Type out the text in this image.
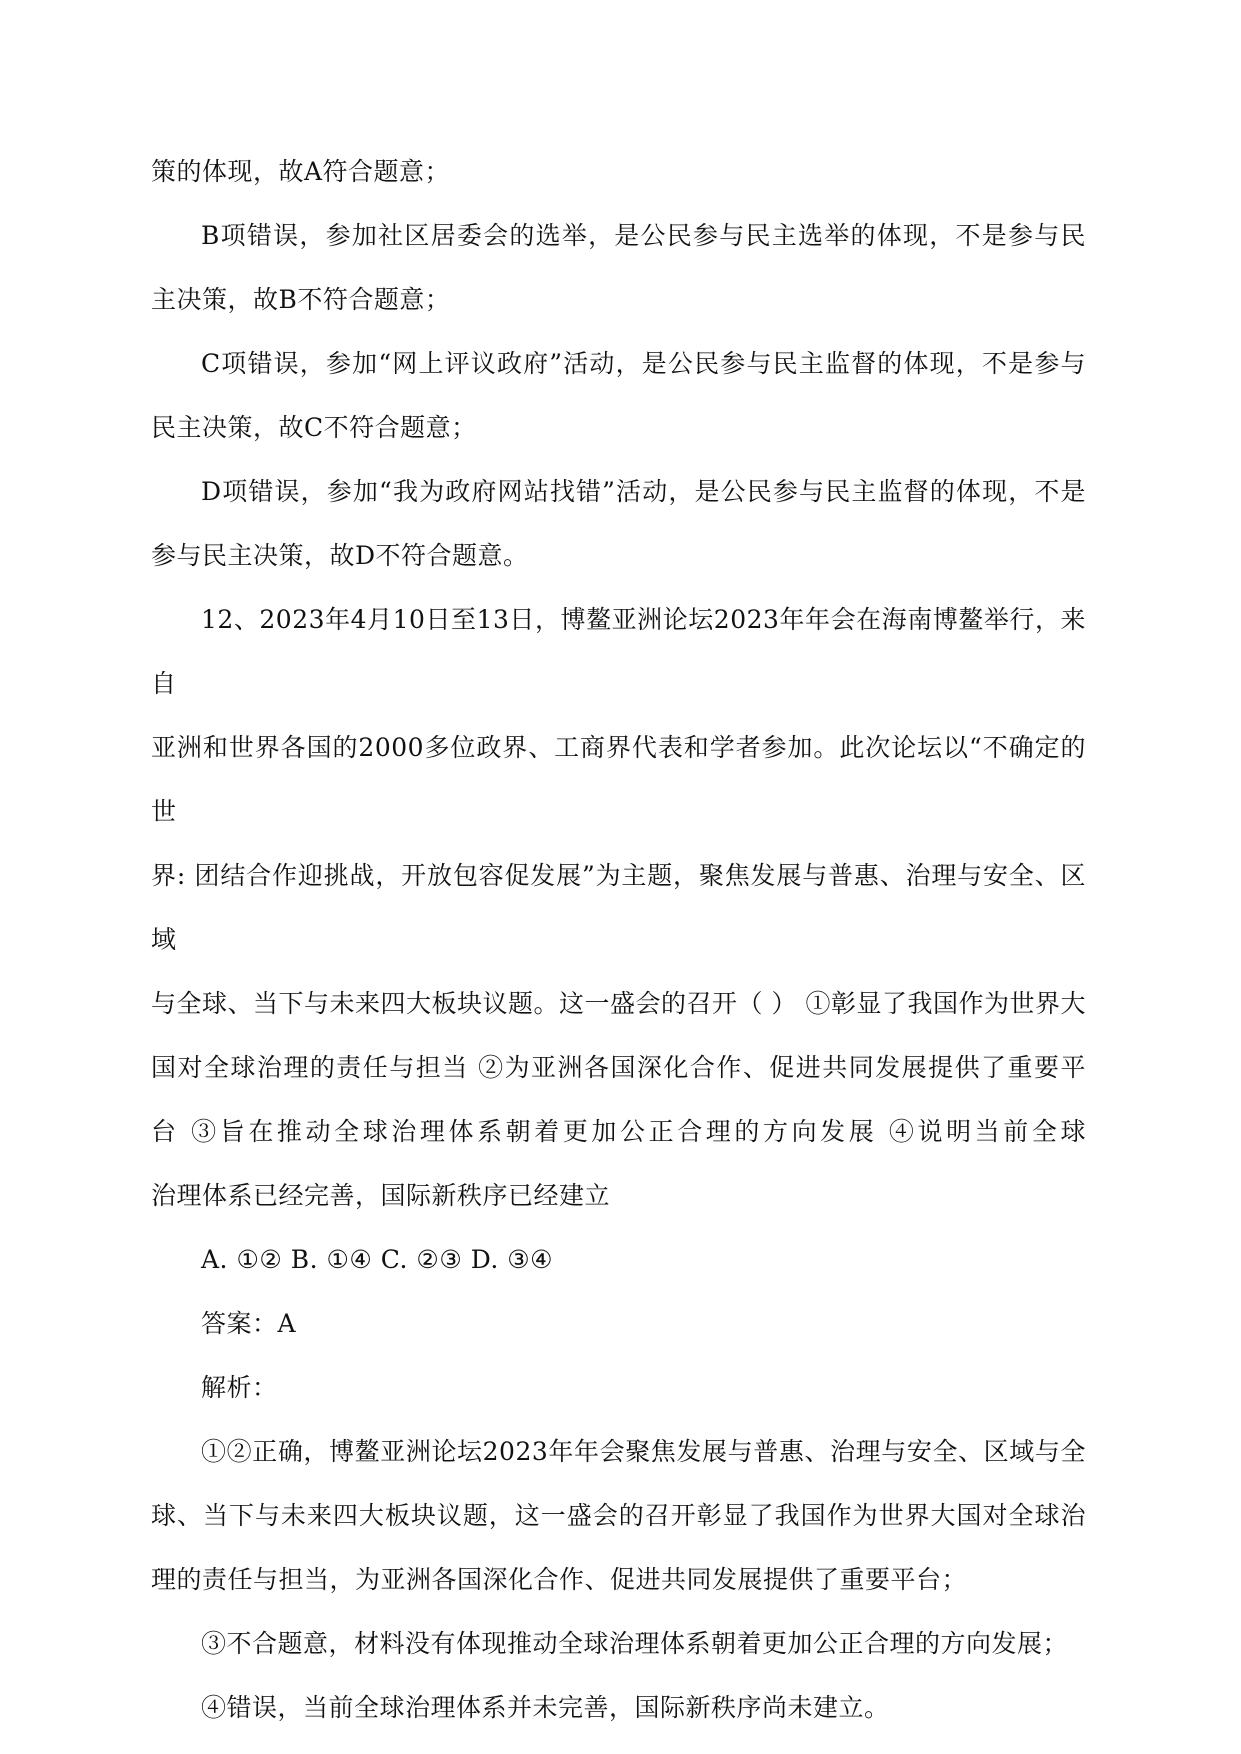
策的体现，故A符合题意；

B项错误，参加社区居委会的选举，是公民参与民主选举的体现，不是参与民主决策，故B不符合题意；

C项错误，参加“网上评议政府”活动，是公民参与民主监督的体现，不是参与民主决策，故C不符合题意；

D项错误，参加“我为政府网站找错”活动，是公民参与民主监督的体现，不是参与民主决策，故D不符合题意。

12、2023年4月10日至13日，博鳌亚洲论坛2023年年会在海南博鳌举行，来自

亚洲和世界各国的2000多位政界、工商界代表和学者参加。此次论坛以“不确定的世

界: 团结合作迎挑战，开放包容促发展”为主题，聚焦发展与普惠、治理与安全、区域

与全球、当下与未来四大板块议题。这一盛会的召开（ ） ①彰显了我国作为世界大

国对全球治理的责任与担当 ②为亚洲各国深化合作、促进共同发展提供了重要平

台 ③旨在推动全球治理体系朝着更加公正合理的方向发展 ④说明当前全球

治理体系已经完善，国际新秩序已经建立

A. ①② B. ①④ C. ②③ D. ③④

答案：A

解析：

①②正确，博鳌亚洲论坛2023年年会聚焦发展与普惠、治理与安全、区域与全球、当下与未来四大板块议题，这一盛会的召开彰显了我国作为世界大国对全球治理的责任与担当，为亚洲各国深化合作、促进共同发展提供了重要平台；

③不合题意，材料没有体现推动全球治理体系朝着更加公正合理的方向发展；

④错误，当前全球治理体系并未完善，国际新秩序尚未建立。
